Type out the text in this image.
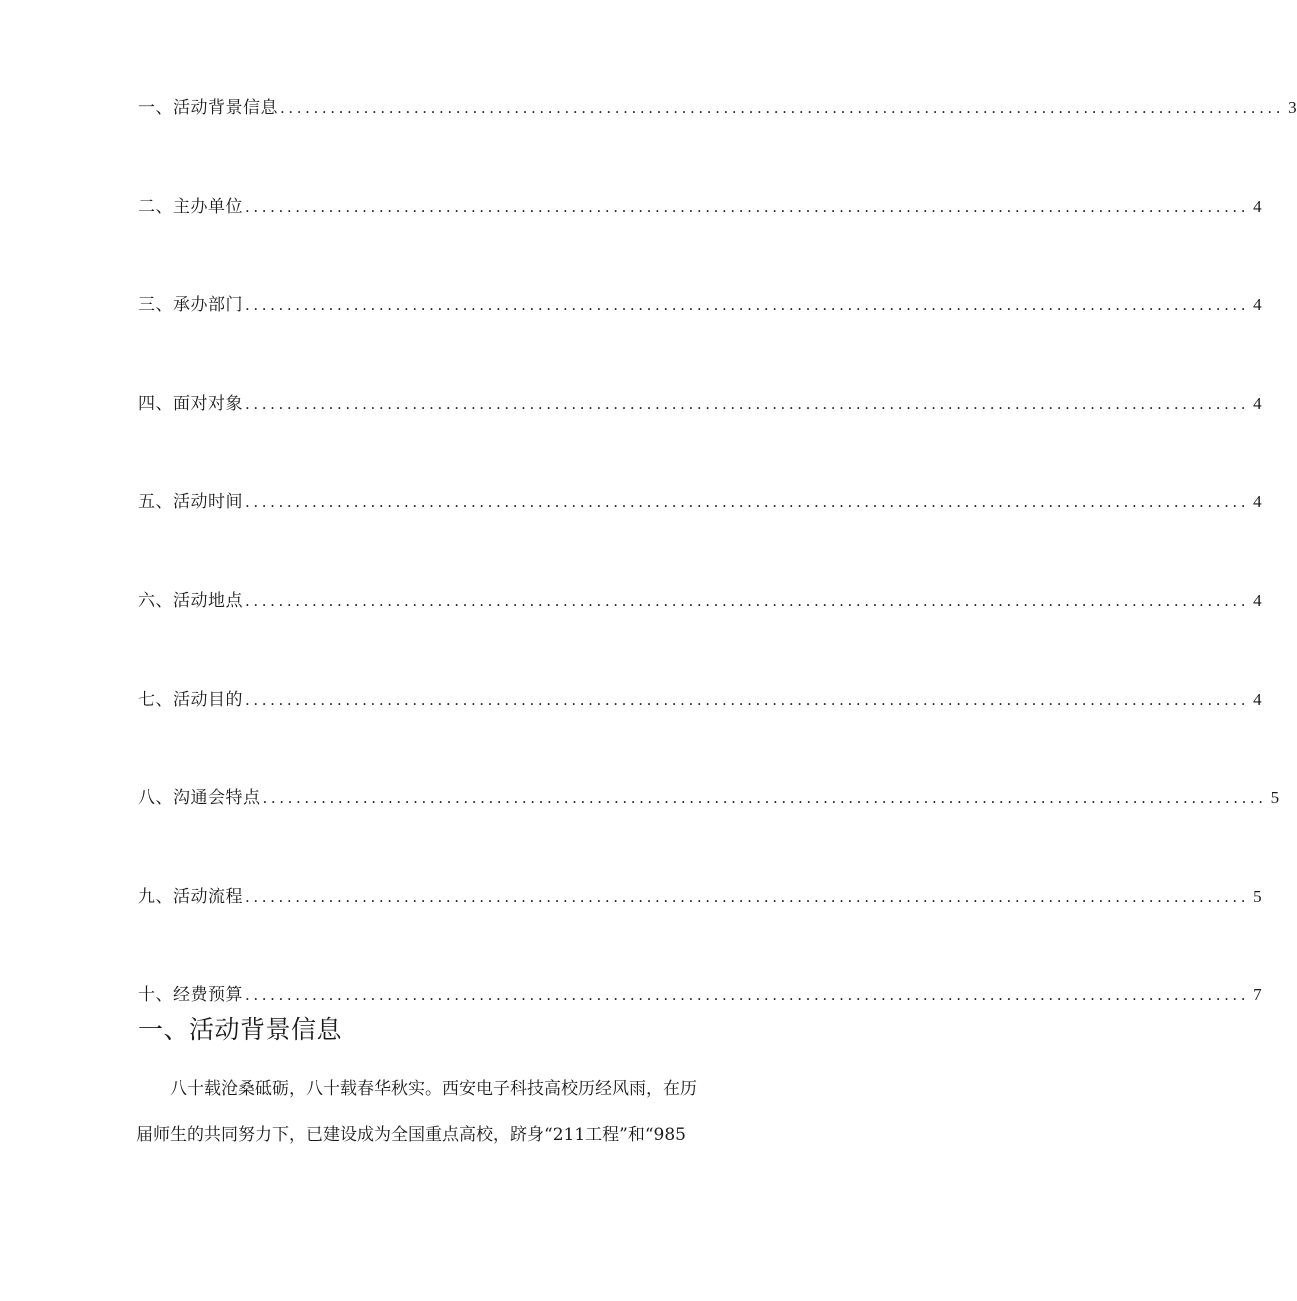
一、活动背景信息 ........................................................................................................................ 3
二、主办单位 ........................................................................................................................ 4
三、承办部门 ........................................................................................................................ 4
四、面对对象 ........................................................................................................................ 4
五、活动时间 ........................................................................................................................ 4
六、活动地点 ........................................................................................................................ 4
七、活动目的 ........................................................................................................................ 4
八、沟通会特点 ........................................................................................................................ 5
九、活动流程 ........................................................................................................................ 5
十、经费预算 ........................................................................................................................ 7
一、活动背景信息

八十载沧桑砥砺，八十载春华秋实。西安电子科技高校历经风雨，在历
届师生的共同努力下，已建设成为全国重点高校，跻身“211工程”和“985
